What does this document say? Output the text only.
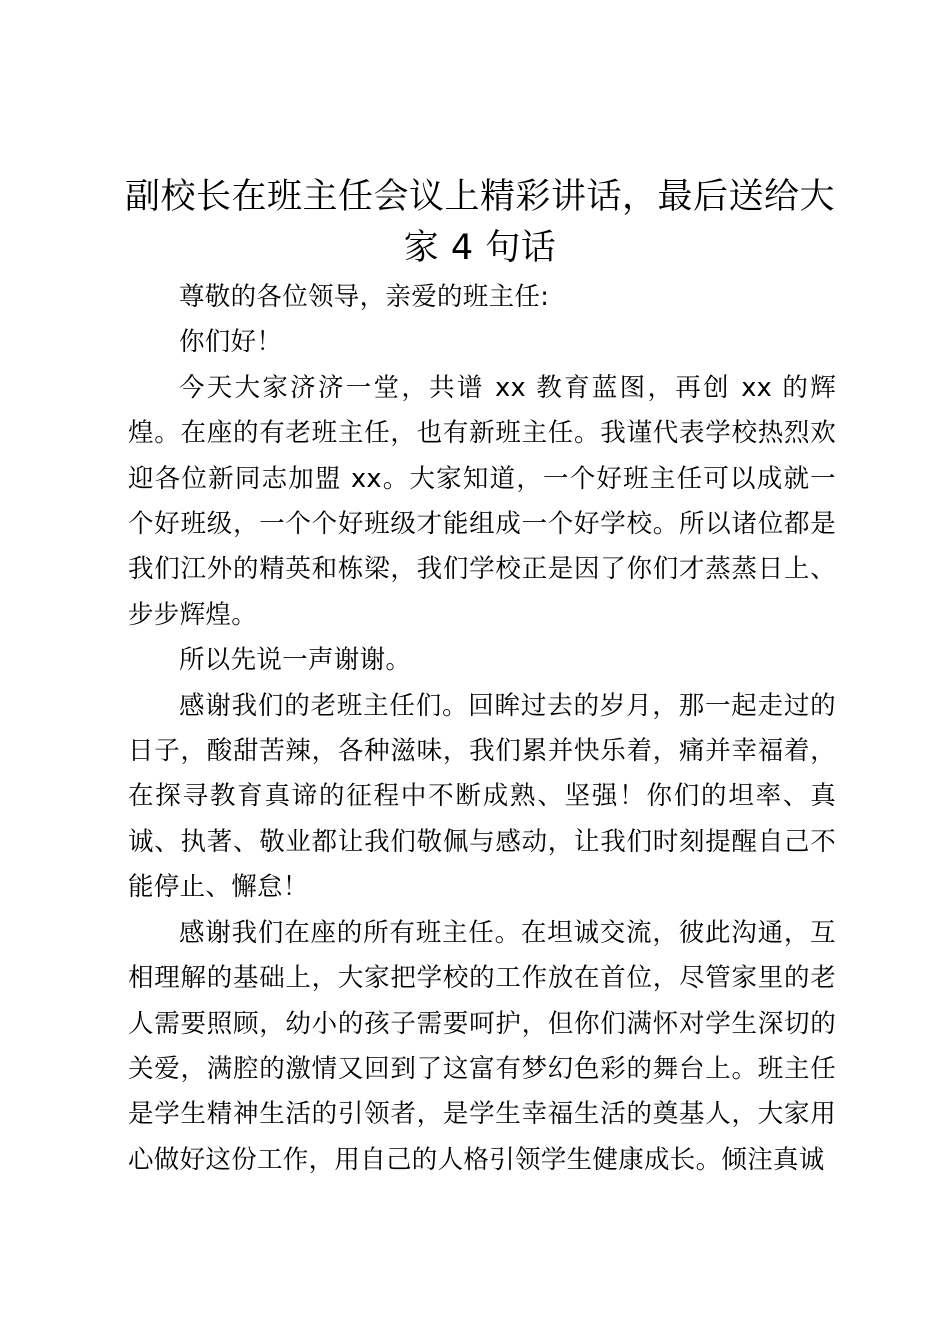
副校长在班主任会议上精彩讲话，最后送给大家 4 句话

尊敬的各位领导，亲爱的班主任:

你们好！

今天大家济济一堂，共谱 xx 教育蓝图，再创 xx 的辉煌。在座的有老班主任，也有新班主任。我谨代表学校热烈欢迎各位新同志加盟 xx。大家知道，一个好班主任可以成就一个好班级，一个个好班级才能组成一个好学校。所以诸位都是我们江外的精英和栋梁，我们学校正是因了你们才蒸蒸日上、步步辉煌。

所以先说一声谢谢。

感谢我们的老班主任们。回眸过去的岁月，那一起走过的日子，酸甜苦辣，各种滋味，我们累并快乐着，痛并幸福着，在探寻教育真谛的征程中不断成熟、坚强！你们的坦率、真诚、执著、敬业都让我们敬佩与感动，让我们时刻提醒自己不能停止、懈怠！

感谢我们在座的所有班主任。在坦诚交流，彼此沟通，互相理解的基础上，大家把学校的工作放在首位，尽管家里的老人需要照顾，幼小的孩子需要呵护，但你们满怀对学生深切的关爱，满腔的激情又回到了这富有梦幻色彩的舞台上。班主任是学生精神生活的引领者，是学生幸福生活的奠基人，大家用心做好这份工作，用自己的人格引领学生健康成长。倾注真诚
